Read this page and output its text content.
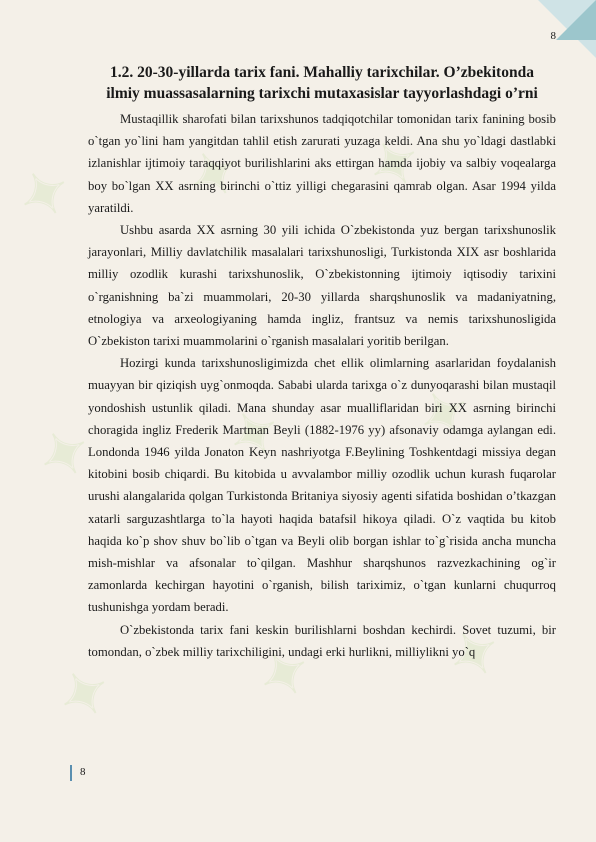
8
✦ ✦ ✦
✦ ✦ ✦
✦ ✦ ✦
1.2. 20-30-yillarda tarix fani. Mahalliy tarixchilar. O’zbekitonda
ilmiy muassasalarning tarixchi mutaxasislar tayyorlashdagi o’rni

Mustaqillik sharofati bilan tarixshunos tadqiqotchilar tomonidan tarix fanining bosib o`tgan yo`lini ham yangitdan tahlil etish zarurati yuzaga keldi. Ana shu yo`ldagi dastlabki izlanishlar ijtimoiy taraqqiyot burilishlarini aks ettirgan hamda ijobiy va salbiy voqealarga boy bo`lgan XX asrning birinchi o`ttiz yilligi chegarasini qamrab olgan. Asar 1994 yilda yaratildi.

Ushbu asarda XX asrning 30 yili ichida O`zbekistonda yuz bergan tarixshunoslik jarayonlari, Milliy davlatchilik masalalari tarixshunosligi, Turkistonda XIX asr boshlarida milliy ozodlik kurashi tarixshunoslik, O`zbekistonning ijtimoiy iqtisodiy tarixini o`rganishning ba`zi muammolari, 20-30 yillarda sharqshunoslik va madaniyatning, etnologiya va arxeologiyaning hamda ingliz, frantsuz va nemis tarixshunosligida O`zbekiston tarixi muammolarini o`rganish masalalari yoritib berilgan.

Hozirgi kunda tarixshunosligimizda chet ellik olimlarning asarlaridan foydalanish muayyan bir qiziqish uyg`onmoqda. Sababi ularda tarixga o`z dunyoqarashi bilan mustaqil yondoshish ustunlik qiladi. Mana shunday asar mualliflaridan biri XX asrning birinchi choragida ingliz Frederik Martman Beyli (1882-1976 yy) afsonaviy odamga aylangan edi. Londonda 1946 yilda Jonaton Keyn nashriyotga F.Beylining Toshkentdagi missiya degan kitobini bosib chiqardi. Bu kitobida u avvalambor milliy ozodlik uchun kurash fuqarolar urushi alangalarida qolgan Turkistonda Britaniya siyosiy agenti sifatida boshidan o’tkazgan xatarli sarguzashtlarga to`la hayoti haqida batafsil hikoya qiladi. O`z vaqtida bu kitob haqida ko`p shov shuv bo`lib o`tgan va Beyli olib borgan ishlar to`g`risida ancha muncha mish-mishlar va afsonalar to`qilgan. Mashhur sharqshunos razvezkachining og`ir zamonlarda kechirgan hayotini o`rganish, bilish tariximiz, o`tgan kunlarni chuqurroq tushunishga yordam beradi.

O`zbekistonda tarix fani keskin burilishlarni boshdan kechirdi. Sovet tuzumi, bir tomondan, o`zbek milliy tarixchiligini, undagi erki hurlikni, milliylikni yo`q

8
